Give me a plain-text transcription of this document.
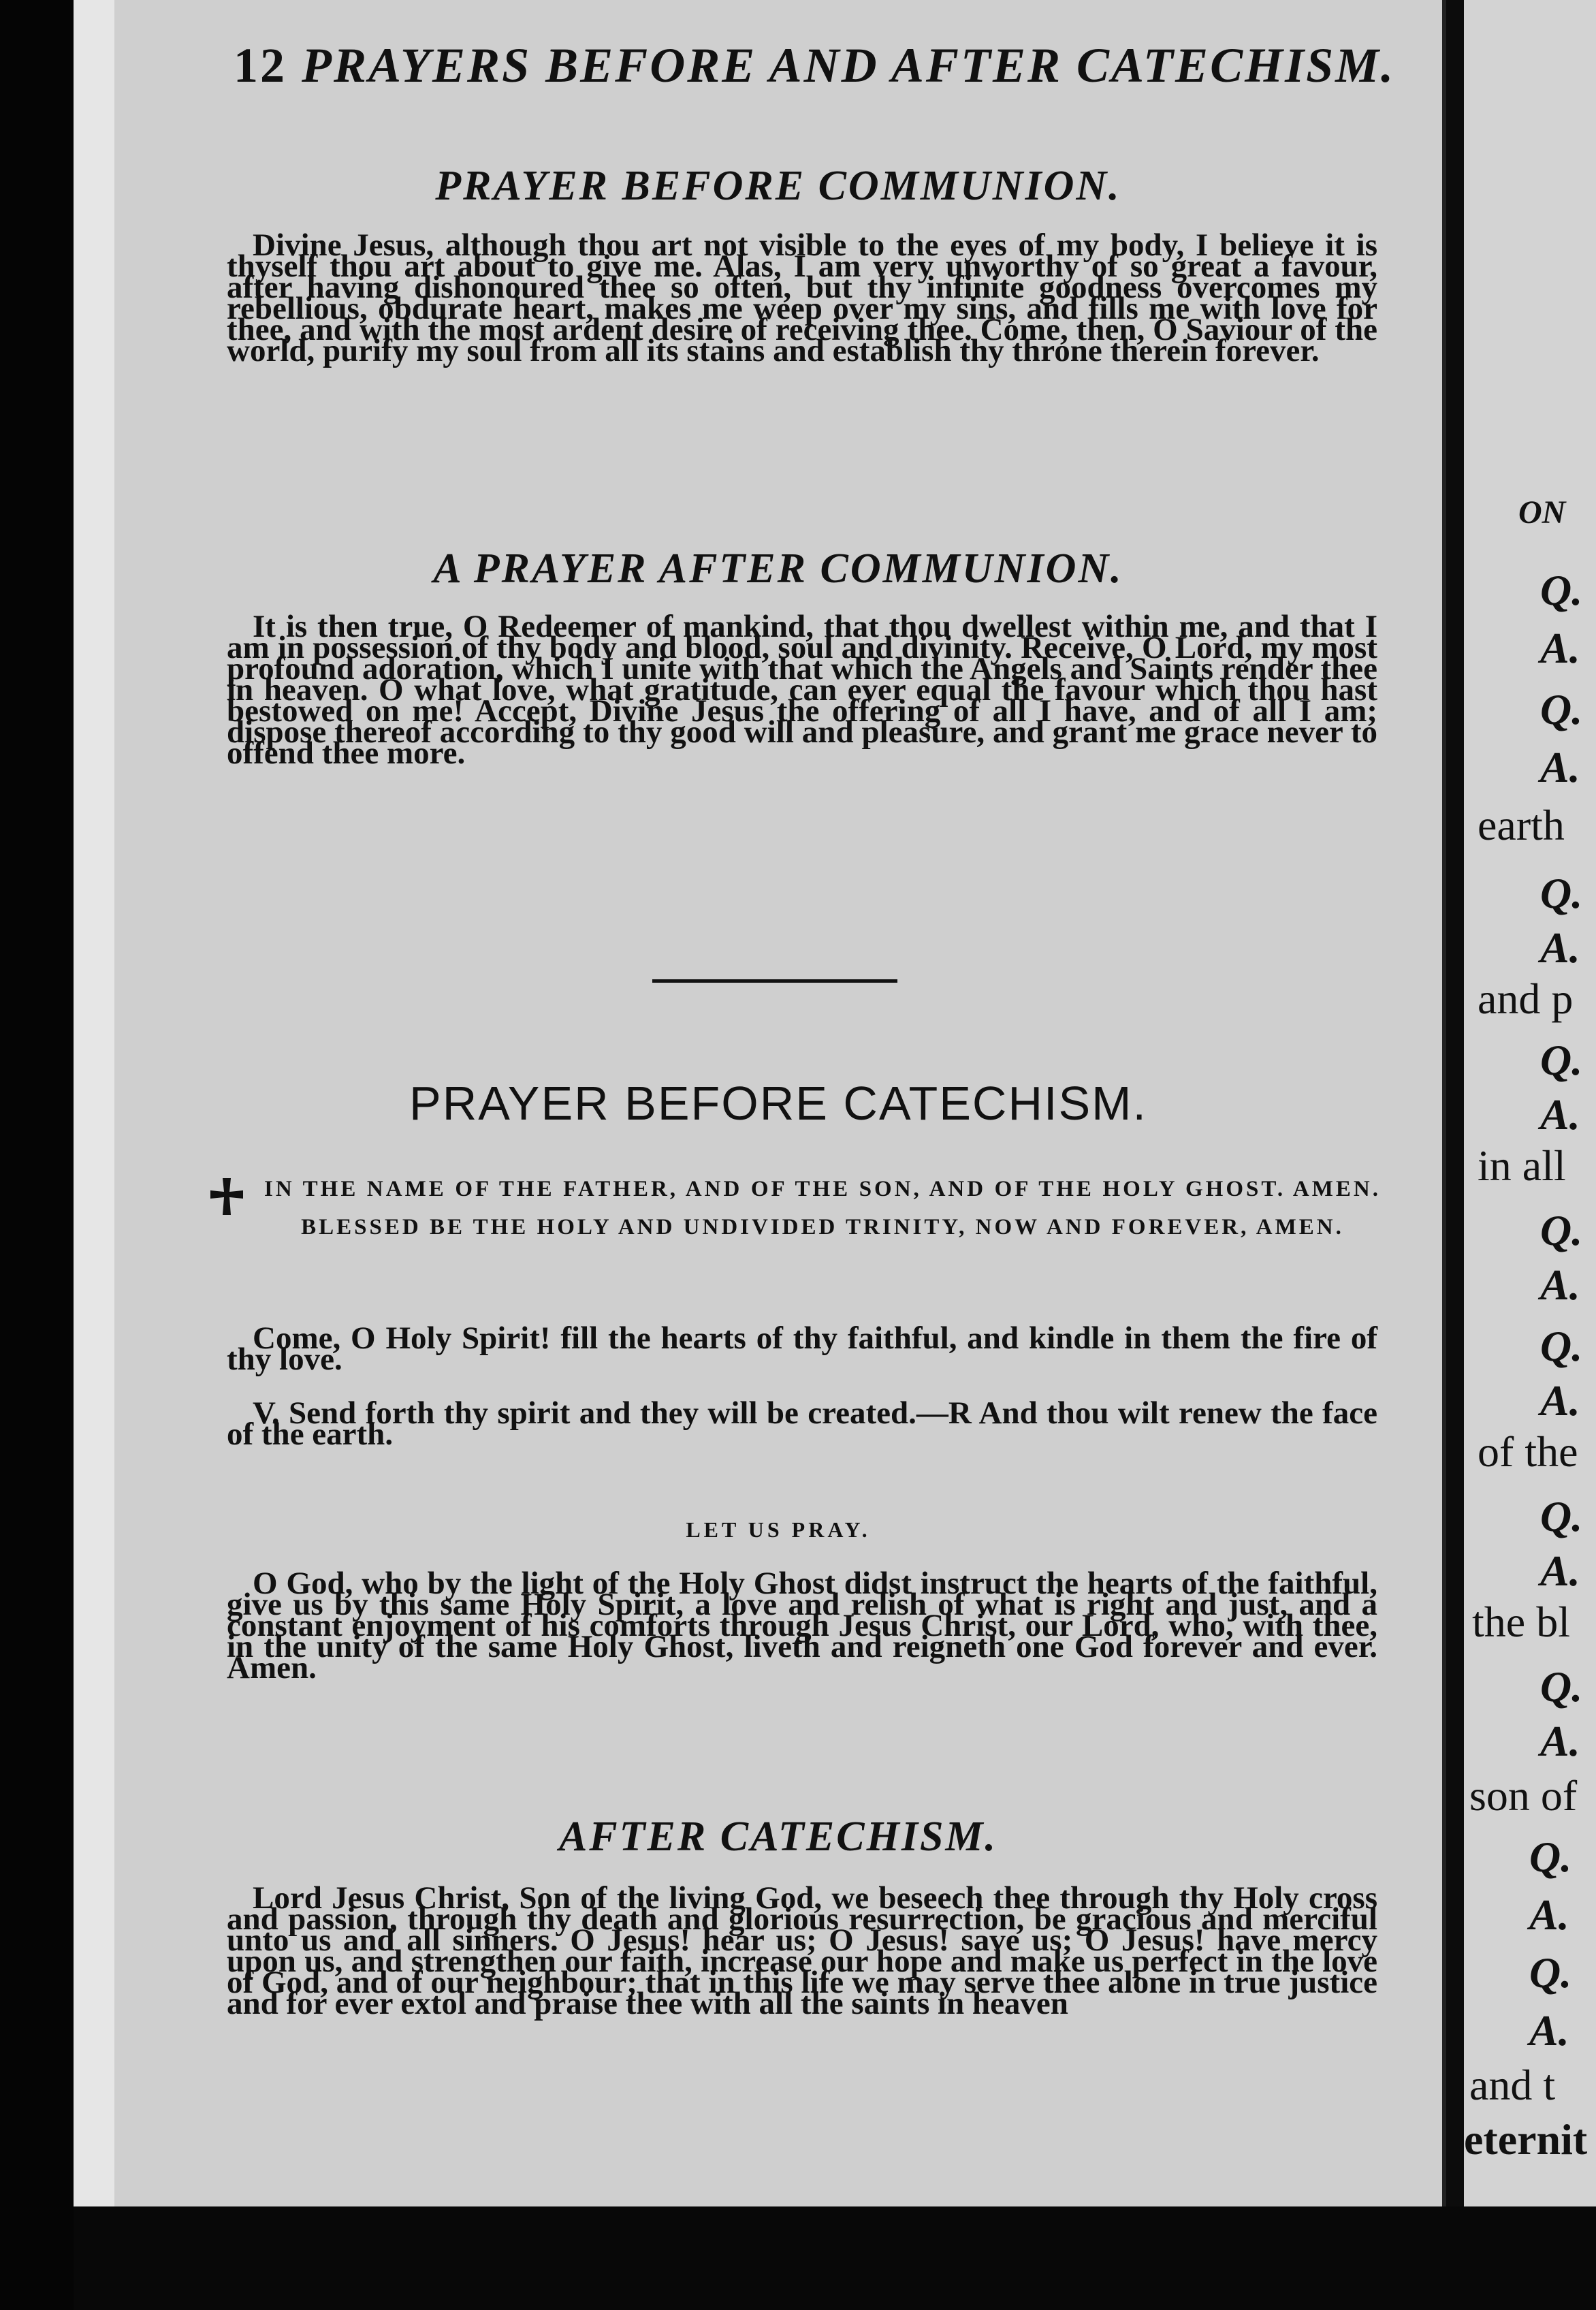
12 PRAYERS BEFORE AND AFTER CATECHISM.
PRAYER BEFORE COMMUNION.
Divine Jesus, although thou art not visible to the eyes of my body, I believe it is thyself thou art about to give me. Alas, I am very unworthy of so great a favour, after having dishonoured thee so often, but thy infinite goodness overcomes my rebellious, obdurate heart, makes me weep over my sins, and fills me with love for thee, and with the most ardent desire of receiving thee. Come, then, O Saviour of the world, purify my soul from all its stains and establish thy throne therein forever.
A PRAYER AFTER COMMUNION.
It is then true, O Redeemer of mankind, that thou dwellest within me, and that I am in possession of thy body and blood, soul and divinity. Receive, O Lord, my most profound adoration, which I unite with that which the Angels and Saints render thee in heaven. O what love, what gratitude, can ever equal the favour which thou hast bestowed on me! Accept, Divine Jesus the offering of all I have, and of all I am; dispose thereof according to thy good will and pleasure, and grant me grace never to offend thee more.
PRAYER BEFORE CATECHISM.
IN THE NAME OF THE FATHER, AND OF THE SON, AND OF THE HOLY GHOST. AMEN. BLESSED BE THE HOLY AND UNDIVIDED TRINITY, NOW AND FOREVER, AMEN.
Come, O Holy Spirit! fill the hearts of thy faithful, and kindle in them the fire of thy love.
V. Send forth thy spirit and they will be created.—R And thou wilt renew the face of the earth.
LET US PRAY.
O God, who by the light of the Holy Ghost didst instruct the hearts of the faithful, give us by this same Holy Spirit, a love and relish of what is right and just, and a constant enjoyment of his comforts through Jesus Christ, our Lord, who, with thee, in the unity of the same Holy Ghost, liveth and reigneth one God forever and ever. Amen.
AFTER CATECHISM.
Lord Jesus Christ, Son of the living God, we beseech thee through thy Holy cross and passion, through thy death and glorious resurrection, be gracious and merciful unto us and all sinners. O Jesus! hear us; O Jesus! save us; O Jesus! have mercy upon us, and strengthen our faith, increase our hope and make us perfect in the love of God, and of our neighbour; that in this life we may serve thee alone in true justice and for ever extol and praise thee with all the saints in heaven
ON
Q.
A.
Q.
A.
earth
Q.
A.
and p
Q.
A.
in all
Q.
A.
Q.
A.
of the
Q.
A.
the bl
Q.
A.
son of
Q.
A.
Q.
A.
and t
eternit
